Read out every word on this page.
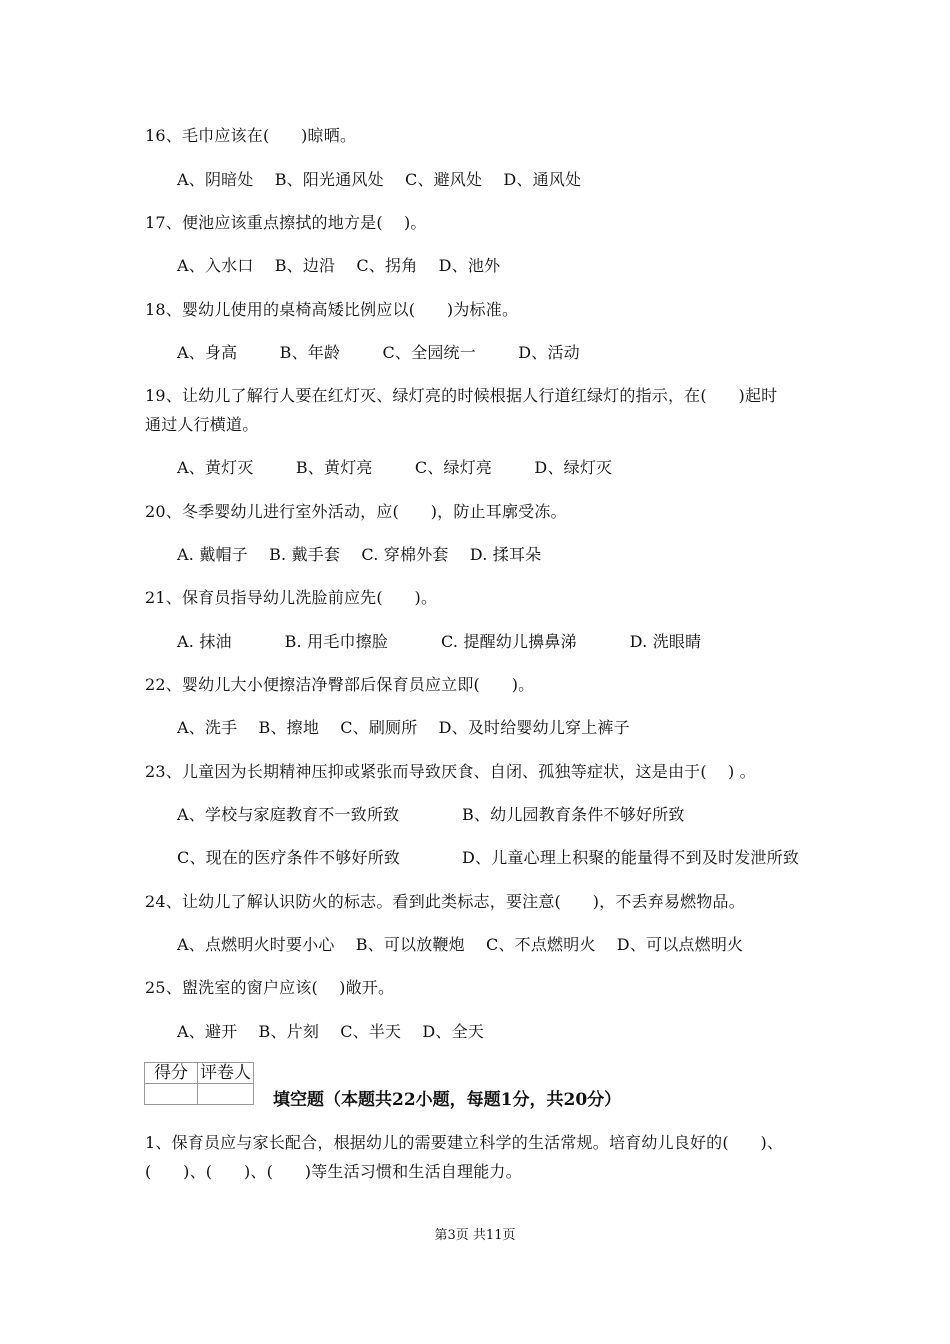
16、毛巾应该在(      )晾晒。
A、阴暗处    B、阳光通风处    C、避风处    D、通风处
17、便池应该重点擦拭的地方是(    )。
A、入水口    B、边沿    C、拐角    D、池外
18、婴幼儿使用的桌椅高矮比例应以(      )为标准。
A、身高        B、年龄        C、全园统一        D、活动
19、让幼儿了解行人要在红灯灭、绿灯亮的时候根据人行道红绿灯的指示，在(      )起时
通过人行横道。
A、黄灯灭        B、黄灯亮        C、绿灯亮        D、绿灯灭
20、冬季婴幼儿进行室外活动，应(      )，防止耳廓受冻。
A. 戴帽子    B. 戴手套    C. 穿棉外套    D. 揉耳朵
21、保育员指导幼儿洗脸前应先(      )。
A. 抹油          B. 用毛巾擦脸          C. 提醒幼儿擤鼻涕          D. 洗眼睛
22、婴幼儿大小便擦洁净臀部后保育员应立即(      )。
A、洗手    B、擦地    C、刷厕所    D、及时给婴幼儿穿上裤子
23、儿童因为长期精神压抑或紧张而导致厌食、自闭、孤独等症状，这是由于(    ) 。
A、学校与家庭教育不一致所致	B、幼儿园教育条件不够好所致
C、现在的医疗条件不够好所致	D、儿童心理上积聚的能量得不到及时发泄所致
24、让幼儿了解认识防火的标志。看到此类标志，要注意(      )，不丢弃易燃物品。
A、点燃明火时要小心    B、可以放鞭炮    C、不点燃明火    D、可以点燃明火
25、盥洗室的窗户应该(    )敞开。
A、避开    B、片刻    C、半天    D、全天
得分	评卷人

填空题（本题共22小题，每题1分，共20分）
1、保育员应与家长配合，根据幼儿的需要建立科学的生活常规。培育幼儿良好的(      )、
(      )、(      )、(      )等生活习惯和生活自理能力。
第3页 共11页
